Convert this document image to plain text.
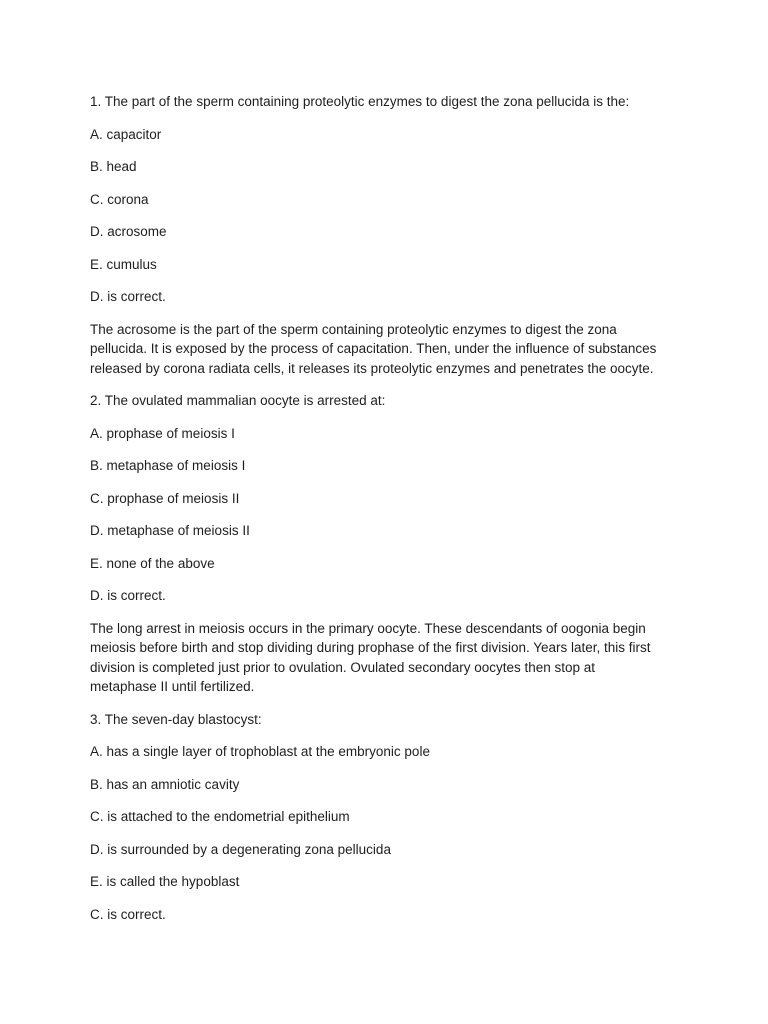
1. The part of the sperm containing proteolytic enzymes to digest the zona pellucida is the:
A. capacitor
B. head
C. corona
D. acrosome
E. cumulus
D. is correct.
The acrosome is the part of the sperm containing proteolytic enzymes to digest the zona
pellucida. It is exposed by the process of capacitation. Then, under the influence of substances
released by corona radiata cells, it releases its proteolytic enzymes and penetrates the oocyte.
2. The ovulated mammalian oocyte is arrested at:
A. prophase of meiosis I
B. metaphase of meiosis I
C. prophase of meiosis II
D. metaphase of meiosis II
E. none of the above
D. is correct.
The long arrest in meiosis occurs in the primary oocyte. These descendants of oogonia begin
meiosis before birth and stop dividing during prophase of the first division. Years later, this first
division is completed just prior to ovulation. Ovulated secondary oocytes then stop at
metaphase II until fertilized.
3. The seven-day blastocyst:
A. has a single layer of trophoblast at the embryonic pole
B. has an amniotic cavity
C. is attached to the endometrial epithelium
D. is surrounded by a degenerating zona pellucida
E. is called the hypoblast
C. is correct.
